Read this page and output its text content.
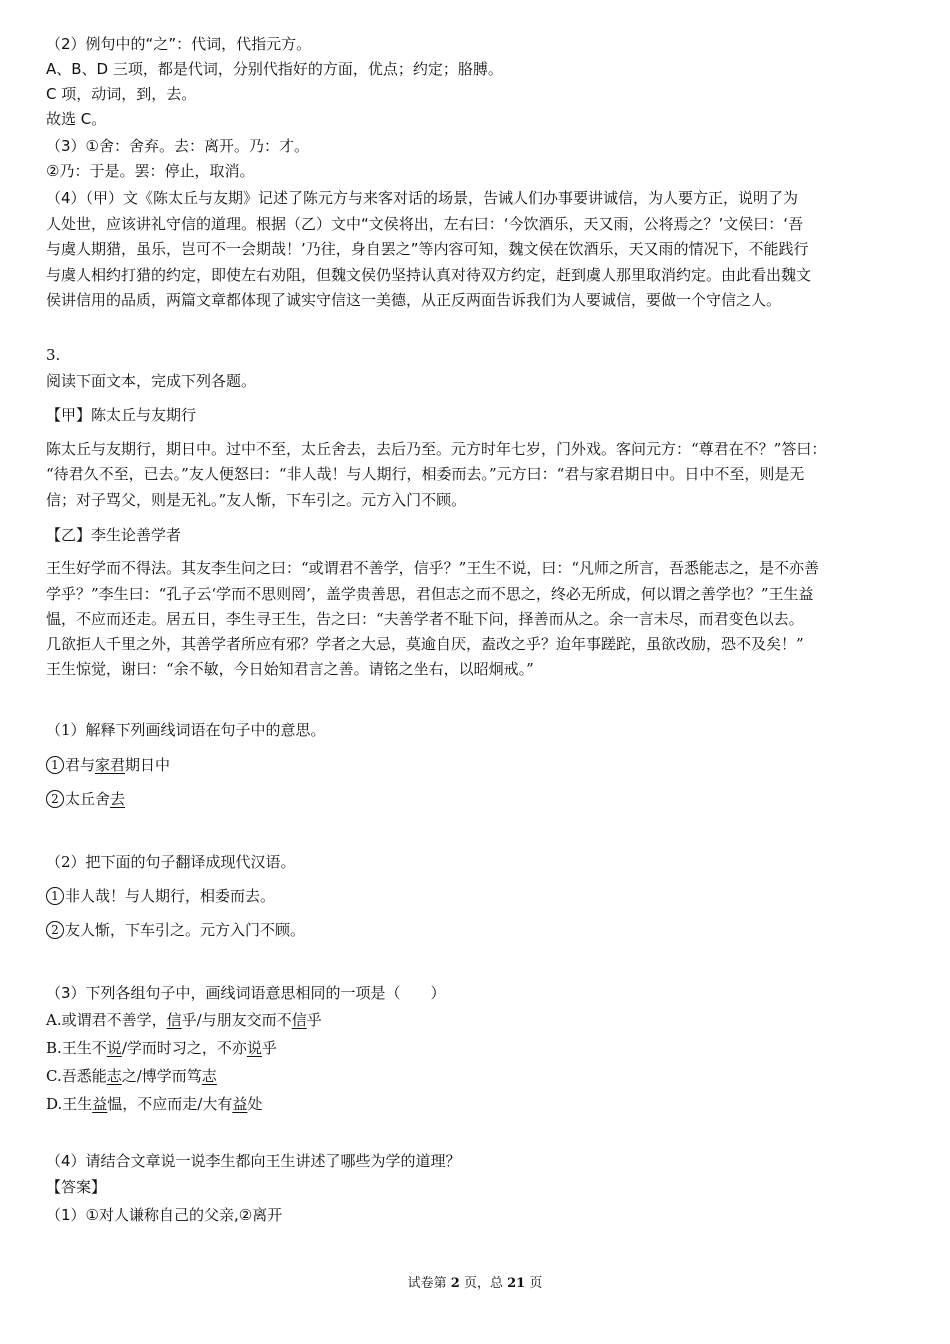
（2）例句中的“之”：代词，代指元方。
A、B、D 三项，都是代词，分别代指好的方面，优点；约定；胳膊。
C 项，动词，到，去。
故选 C。
（3）①舍：舍弃。去：离开。乃：才。
②乃：于是。罢：停止，取消。
（4）（甲）文《陈太丘与友期》记述了陈元方与来客对话的场景，告诫人们办事要讲诚信，为人要方正，说明了为
人处世，应该讲礼守信的道理。根据（乙）文中“文侯将出，左右曰：‘今饮酒乐，天又雨，公将焉之？’文侯曰：‘吾
与虞人期猎，虽乐，岂可不一会期哉！’乃往，身自罢之”等内容可知，魏文侯在饮酒乐，天又雨的情况下，不能践行
与虞人相约打猎的约定，即使左右劝阻，但魏文侯仍坚持认真对待双方约定，赶到虞人那里取消约定。由此看出魏文
侯讲信用的品质，两篇文章都体现了诚实守信这一美德，从正反两面告诉我们为人要诚信，要做一个守信之人。
3.
阅读下面文本，完成下列各题。
【甲】陈太丘与友期行
陈太丘与友期行，期日中。过中不至，太丘舍去，去后乃至。元方时年七岁，门外戏。客问元方：“尊君在不？”答曰：
“待君久不至，已去。”友人便怒曰：“非人哉！与人期行，相委而去。”元方曰：“君与家君期日中。日中不至，则是无
信；对子骂父，则是无礼。”友人惭，下车引之。元方入门不顾。
【乙】李生论善学者
王生好学而不得法。其友李生问之曰：“或谓君不善学，信乎？”王生不说，曰：“凡师之所言，吾悉能志之，是不亦善
学乎？”李生曰：“孔子云‘学而不思则罔’，盖学贵善思，君但志之而不思之，终必无所成，何以谓之善学也？”王生益
愠，不应而还走。居五日，李生寻王生，告之曰：“夫善学者不耻下问，择善而从之。余一言未尽，而君变色以去。
几欲拒人千里之外，其善学者所应有邪？学者之大忌，莫逾自厌，盍改之乎？迨年事蹉跎，虽欲改励，恐不及矣！”
王生惊觉，谢曰：“余不敏，今日始知君言之善。请铭之坐右，以昭炯戒。”
（1）解释下列画线词语在句子中的意思。
1 君与家君期日中
2 太丘舍去
（2）把下面的句子翻译成现代汉语。
1 非人哉！与人期行，相委而去。
2 友人惭，下车引之。元方入门不顾。
（3）下列各组句子中，画线词语意思相同的一项是（　　）
A.或谓君不善学，信乎/与朋友交而不信乎
B.王生不说/学而时习之，不亦说乎
C.吾悉能志之/博学而笃志
D.王生益愠，不应而走/大有益处
（4）请结合文章说一说李生都向王生讲述了哪些为学的道理？
【答案】
（1）①对人谦称自己的父亲,②离开
试卷第 2 页，总 21 页
